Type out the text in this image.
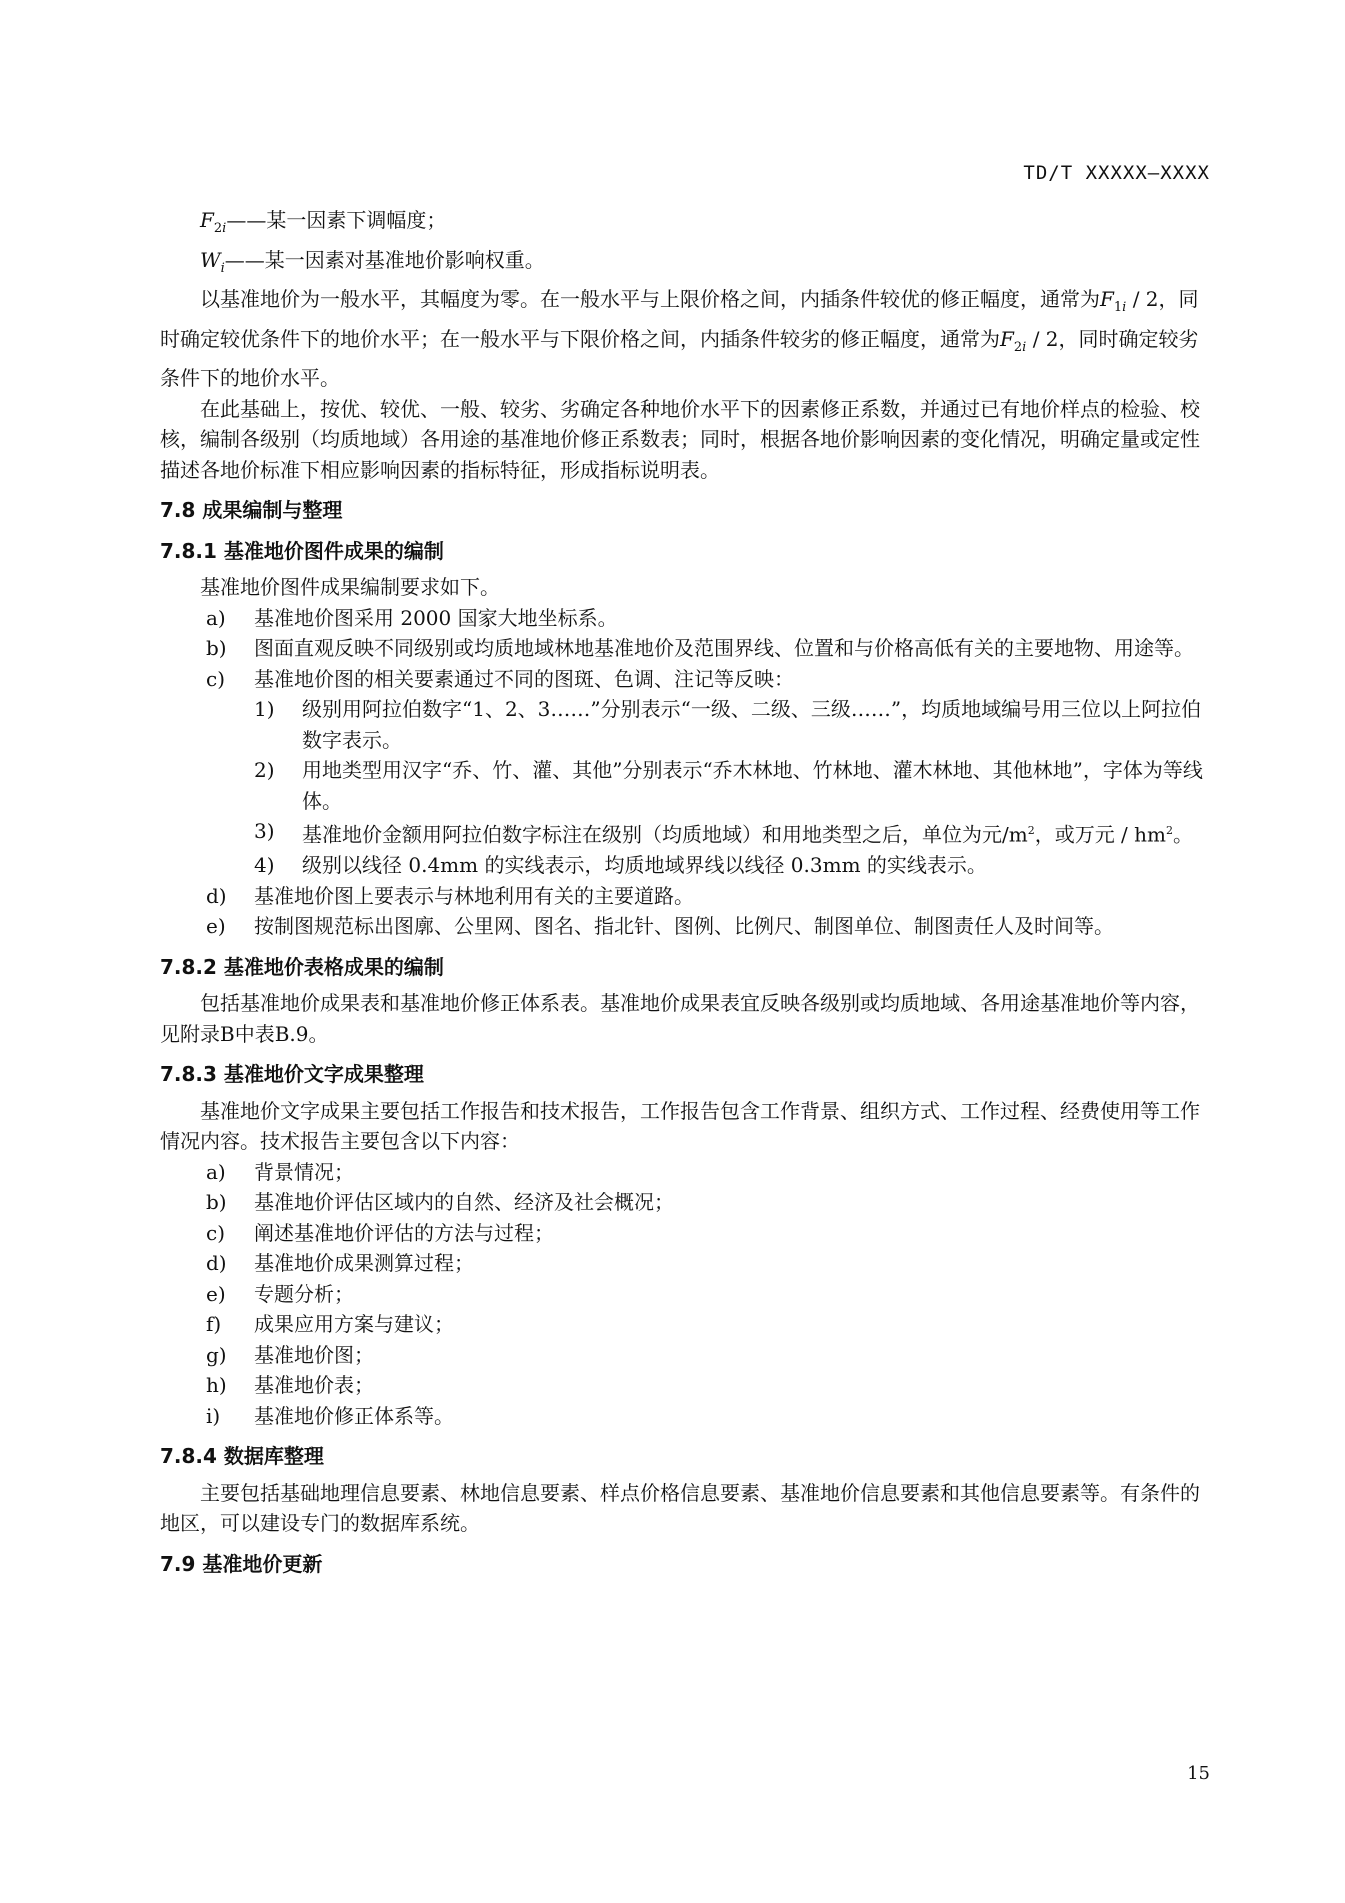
TD/T XXXXX—XXXX

$F_{2i}——$某一因素下调幅度；

$W_i——$某一因素对基准地价影响权重。

以基准地价为一般水平，其幅度为零。在一般水平与上限价格之间，内插条件较优的修正幅度，通常为$F_{1i} / 2$，同时确定较优条件下的地价水平；在一般水平与下限价格之间，内插条件较劣的修正幅度，通常为$F_{2i} / 2$，同时确定较劣条件下的地价水平。

在此基础上，按优、较优、一般、较劣、劣确定各种地价水平下的因素修正系数，并通过已有地价样点的检验、校核，编制各级别（均质地域）各用途的基准地价修正系数表；同时，根据各地价影响因素的变化情况，明确定量或定性描述各地价标准下相应影响因素的指标特征，形成指标说明表。

7.8 成果编制与整理
7.8.1 基准地价图件成果的编制

基准地价图件成果编制要求如下。

a)	基准地价图采用 2000 国家大地坐标系。
b)	图面直观反映不同级别或均质地域林地基准地价及范围界线、位置和与价格高低有关的主要地物、用途等。
c)	基准地价图的相关要素通过不同的图斑、色调、注记等反映：
1)	级别用阿拉伯数字“1、2、3……”分别表示“一级、二级、三级……”，均质地域编号用三位以上阿拉伯数字表示。
2)	用地类型用汉字“乔、竹、灌、其他”分别表示“乔木林地、竹林地、灌木林地、其他林地”，字体为等线体。
3)	基准地价金额用阿拉伯数字标注在级别（均质地域）和用地类型之后，单位为元$/m^2$，或万元 / $hm^2$。
4)	级别以线径 0.4mm 的实线表示，均质地域界线以线径 0.3mm 的实线表示。
d)	基准地价图上要表示与林地利用有关的主要道路。
e)	按制图规范标出图廓、公里网、图名、指北针、图例、比例尺、制图单位、制图责任人及时间等。
7.8.2 基准地价表格成果的编制

包括基准地价成果表和基准地价修正体系表。基准地价成果表宜反映各级别或均质地域、各用途基准地价等内容，见附录B中表B.9。

7.8.3 基准地价文字成果整理

基准地价文字成果主要包括工作报告和技术报告，工作报告包含工作背景、组织方式、工作过程、经费使用等工作情况内容。技术报告主要包含以下内容：

a)	背景情况；
b)	基准地价评估区域内的自然、经济及社会概况；
c)	阐述基准地价评估的方法与过程；
d)	基准地价成果测算过程；
e)	专题分析；
f)	成果应用方案与建议；
g)	基准地价图；
h)	基准地价表；
i)	基准地价修正体系等。
7.8.4 数据库整理

主要包括基础地理信息要素、林地信息要素、样点价格信息要素、基准地价信息要素和其他信息要素等。有条件的地区，可以建设专门的数据库系统。

7.9 基准地价更新
15
